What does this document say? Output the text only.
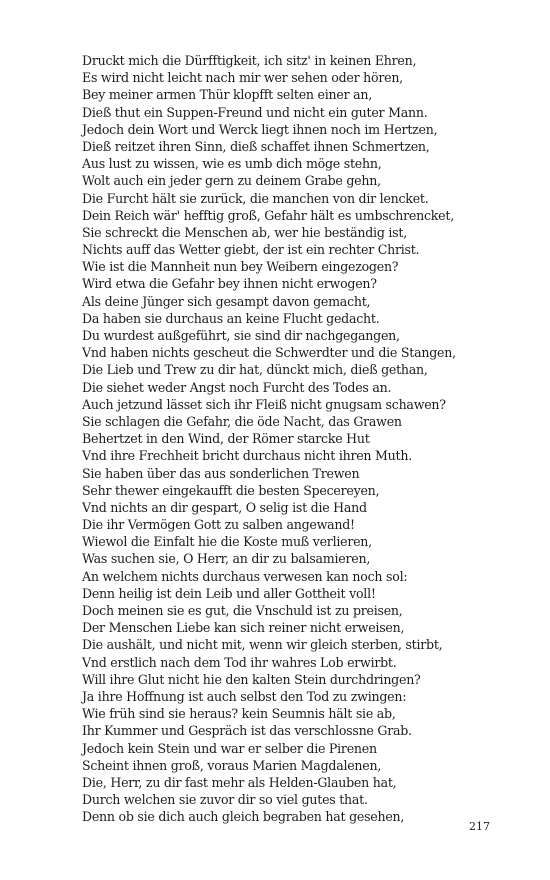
Druckt mich die Dürfftigkeit, ich sitz' in keinen Ehren,
Es wird nicht leicht nach mir wer sehen oder hören,
Bey meiner armen Thür klopfft selten einer an,
Dieß thut ein Suppen-Freund und nicht ein guter Mann.
Jedoch dein Wort und Werck liegt ihnen noch im Hertzen,
Dieß reitzet ihren Sinn, dieß schaffet ihnen Schmertzen,
Aus lust zu wissen, wie es umb dich möge stehn,
Wolt auch ein jeder gern zu deinem Grabe gehn,
Die Furcht hält sie zurück, die manchen von dir lencket.
Dein Reich wär' hefftig groß, Gefahr hält es umbschrencket,
Sie schreckt die Menschen ab, wer hie beständig ist,
Nichts auff das Wetter giebt, der ist ein rechter Christ.
Wie ist die Mannheit nun bey Weibern eingezogen?
Wird etwa die Gefahr bey ihnen nicht erwogen?
Als deine Jünger sich gesampt davon gemacht,
Da haben sie durchaus an keine Flucht gedacht.
Du wurdest außgeführt, sie sind dir nachgegangen,
Vnd haben nichts gescheut die Schwerdter und die Stangen,
Die Lieb und Trew zu dir hat, dünckt mich, dieß gethan,
Die siehet weder Angst noch Furcht des Todes an.
Auch jetzund lässet sich ihr Fleiß nicht gnugsam schawen?
Sie schlagen die Gefahr, die öde Nacht, das Grawen
Behertzet in den Wind, der Römer starcke Hut
Vnd ihre Frechheit bricht durchaus nicht ihren Muth.
Sie haben über das aus sonderlichen Trewen
Sehr thewer eingekaufft die besten Specereyen,
Vnd nichts an dir gespart, O selig ist die Hand
Die ihr Vermögen Gott zu salben angewand!
Wiewol die Einfalt hie die Koste muß verlieren,
Was suchen sie, O Herr, an dir zu balsamieren,
An welchem nichts durchaus verwesen kan noch sol:
Denn heilig ist dein Leib und aller Gottheit voll!
Doch meinen sie es gut, die Vnschuld ist zu preisen,
Der Menschen Liebe kan sich reiner nicht erweisen,
Die aushält, und nicht mit, wenn wir gleich sterben, stirbt,
Vnd erstlich nach dem Tod ihr wahres Lob erwirbt.
Will ihre Glut nicht hie den kalten Stein durchdringen?
Ja ihre Hoffnung ist auch selbst den Tod zu zwingen:
Wie früh sind sie heraus? kein Seumnis hält sie ab,
Ihr Kummer und Gespräch ist das verschlossne Grab.
Jedoch kein Stein und war er selber die Pirenen
Scheint ihnen groß, voraus Marien Magdalenen,
Die, Herr, zu dir fast mehr als Helden-Glauben hat,
Durch welchen sie zuvor dir so viel gutes that.
Denn ob sie dich auch gleich begraben hat gesehen,
217
